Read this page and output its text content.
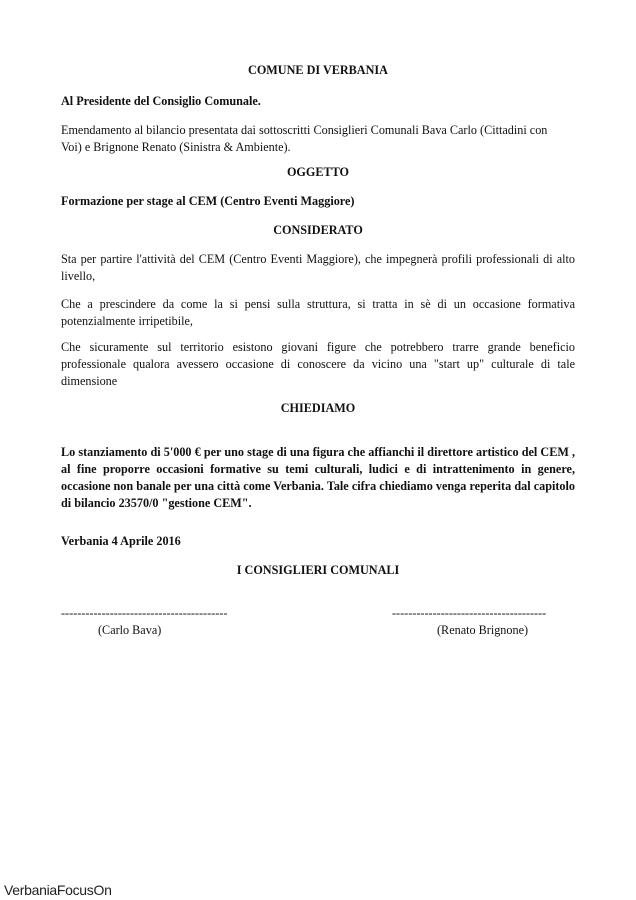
COMUNE DI VERBANIA
Al Presidente del Consiglio Comunale.
Emendamento al bilancio presentata dai sottoscritti Consiglieri Comunali Bava Carlo (Cittadini con
Voi) e Brignone Renato (Sinistra & Ambiente).
OGGETTO
Formazione per stage al CEM (Centro Eventi Maggiore)
CONSIDERATO

Sta per partire l'attività del CEM (Centro Eventi Maggiore), che impegnerà profili professionali di alto livello,

Che a prescindere da come la si pensi sulla struttura, si tratta in sè di un occasione formativa potenzialmente irripetibile,

Che sicuramente sul territorio esistono giovani figure che potrebbero trarre grande beneficio professionale qualora avessero occasione di conoscere da vicino una "start up" culturale di tale dimensione

CHIEDIAMO

Lo stanziamento di 5'000 € per uno stage di una figura che affianchi il direttore artistico del CEM , al fine proporre occasioni formative su temi culturali, ludici e di intrattenimento in genere, occasione non banale per una città come Verbania. Tale cifra chiediamo venga reperita dal capitolo di bilancio 23570/0 "gestione CEM".

Verbania 4 Aprile 2016
I CONSIGLIERI COMUNALI
-----------------------------------------
(Carlo Bava)
--------------------------------------
(Renato Brignone)
VerbaniaFocusOn
